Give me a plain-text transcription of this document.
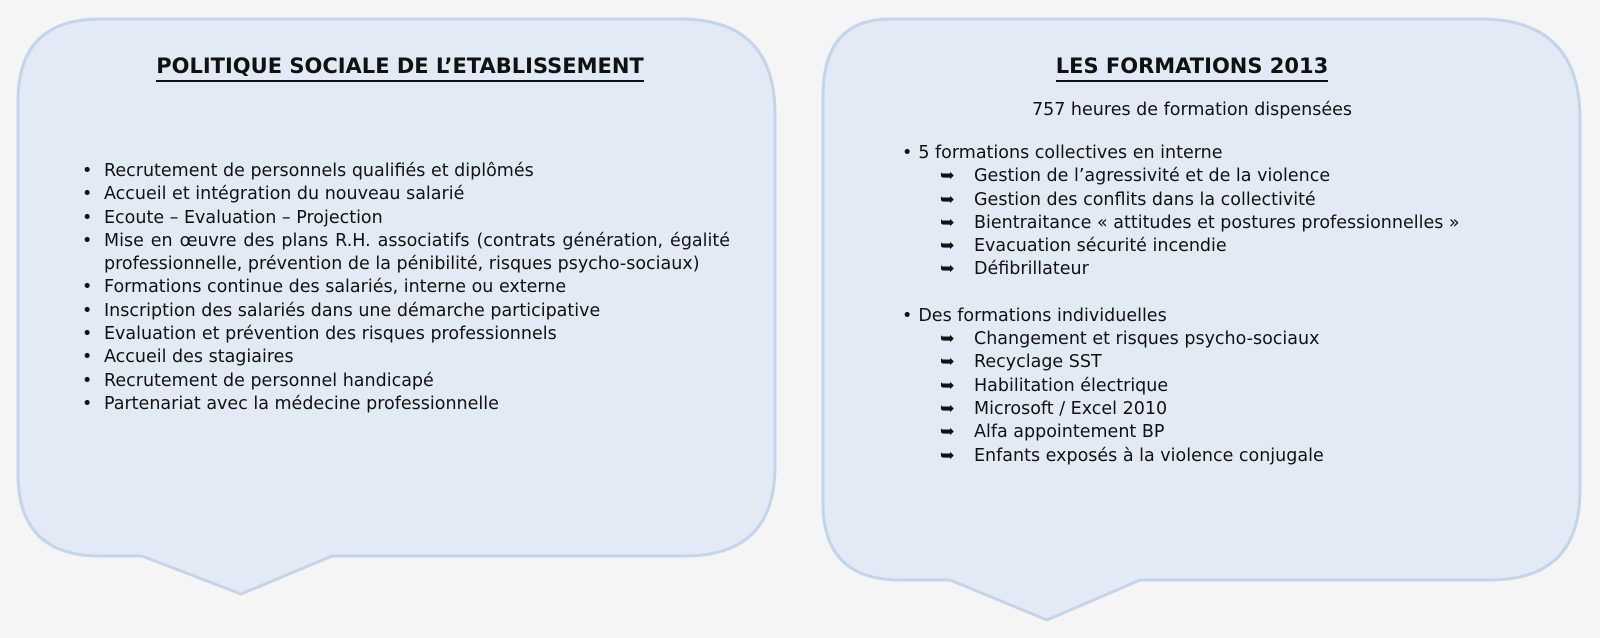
POLITIQUE SOCIALE DE L’ETABLISSEMENT
• Recrutement de personnels qualifiés et diplômés
• Accueil et intégration du nouveau salarié
• Ecoute – Evaluation – Projection
• Mise en œuvre des plans R.H. associatifs (contrats génération, égalité professionnelle, prévention de la pénibilité, risques psycho-sociaux)
• Formations continue des salariés, interne ou externe
• Inscription des salariés dans une démarche participative
• Evaluation et prévention des risques professionnels
• Accueil des stagiaires
• Recrutement de personnel handicapé
• Partenariat avec la médecine professionnelle
LES FORMATIONS 2013
757 heures de formation dispensées
• 5 formations collectives en interne
➥ Gestion de l’agressivité et de la violence
➥ Gestion des conflits dans la collectivité
➥ Bientraitance « attitudes et postures professionnelles »
➥ Evacuation sécurité incendie
➥ Défibrillateur
• Des formations individuelles
➥ Changement et risques psycho-sociaux
➥ Recyclage SST
➥ Habilitation électrique
➥ Microsoft / Excel 2010
➥ Alfa appointement BP
➥ Enfants exposés à la violence conjugale
